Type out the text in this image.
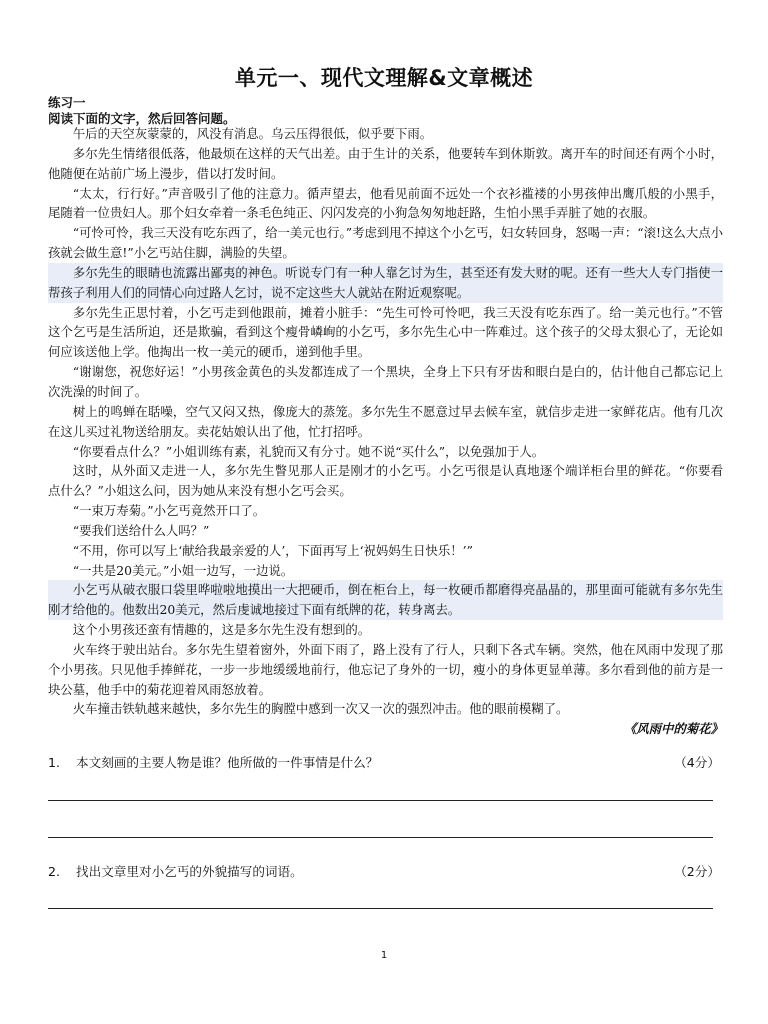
单元一、现代文理解&文章概述
练习一
阅读下面的文字，然后回答问题。

午后的天空灰蒙蒙的，风没有消息。乌云压得很低，似乎要下雨。

多尔先生情绪很低落，他最烦在这样的天气出差。由于生计的关系，他要转车到休斯敦。离开车的时间还有两个小时，他随便在站前广场上漫步，借以打发时间。

“太太，行行好。”声音吸引了他的注意力。循声望去，他看见前面不远处一个衣衫褴褛的小男孩伸出鹰爪般的小黑手，尾随着一位贵妇人。那个妇女牵着一条毛色纯正、闪闪发亮的小狗急匆匆地赶路，生怕小黑手弄脏了她的衣服。

“可怜可怜，我三天没有吃东西了，给一美元也行。”考虑到甩不掉这个小乞丐，妇女转回身，怒喝一声：“滚!这么大点小孩就会做生意!”小乞丐站住脚，满脸的失望。

多尔先生的眼睛也流露出鄙夷的神色。听说专门有一种人靠乞讨为生，甚至还有发大财的呢。还有一些大人专门指使一帮孩子利用人们的同情心向过路人乞讨，说不定这些大人就站在附近观察呢。

多尔先生正思忖着，小乞丐走到他跟前，摊着小脏手：“先生可怜可怜吧，我三天没有吃东西了。给一美元也行。”不管这个乞丐是生活所迫，还是欺骗，看到这个瘦骨嶙峋的小乞丐，多尔先生心中一阵难过。这个孩子的父母太狠心了，无论如何应该送他上学。他掏出一枚一美元的硬币，递到他手里。

“谢谢您，祝您好运！”小男孩金黄色的头发都连成了一个黑块，全身上下只有牙齿和眼白是白的，估计他自己都忘记上次洗澡的时间了。

树上的鸣蝉在聒噪，空气又闷又热，像庞大的蒸笼。多尔先生不愿意过早去候车室，就信步走进一家鲜花店。他有几次在这儿买过礼物送给朋友。卖花姑娘认出了他，忙打招呼。

“你要看点什么？”小姐训练有素，礼貌而又有分寸。她不说“买什么”，以免强加于人。

这时，从外面又走进一人，多尔先生瞥见那人正是刚才的小乞丐。小乞丐很是认真地逐个端详柜台里的鲜花。“你要看点什么？”小姐这么问，因为她从来没有想小乞丐会买。

“一束万寿菊。”小乞丐竟然开口了。

“要我们送给什么人吗？”

“不用，你可以写上‘献给我最亲爱的人’，下面再写上‘祝妈妈生日快乐！’”

“一共是20美元。”小姐一边写，一边说。

小乞丐从破衣服口袋里哗啦啦地摸出一大把硬币，倒在柜台上，每一枚硬币都磨得亮晶晶的，那里面可能就有多尔先生刚才给他的。他数出20美元，然后虔诚地接过下面有纸牌的花，转身离去。

这个小男孩还蛮有情趣的，这是多尔先生没有想到的。

火车终于驶出站台。多尔先生望着窗外，外面下雨了，路上没有了行人，只剩下各式车辆。突然，他在风雨中发现了那个小男孩。只见他手捧鲜花，一步一步地缓缓地前行，他忘记了身外的一切，瘦小的身体更显单薄。多尔看到他的前方是一块公墓，他手中的菊花迎着风雨怒放着。

火车撞击铁轨越来越快，多尔先生的胸膛中感到一次又一次的强烈冲击。他的眼前模糊了。

《风雨中的菊花》
1. 本文刻画的主要人物是谁？他所做的一件事情是什么？	（4分）
2. 找出文章里对小乞丐的外貌描写的词语。	（2分）
1
